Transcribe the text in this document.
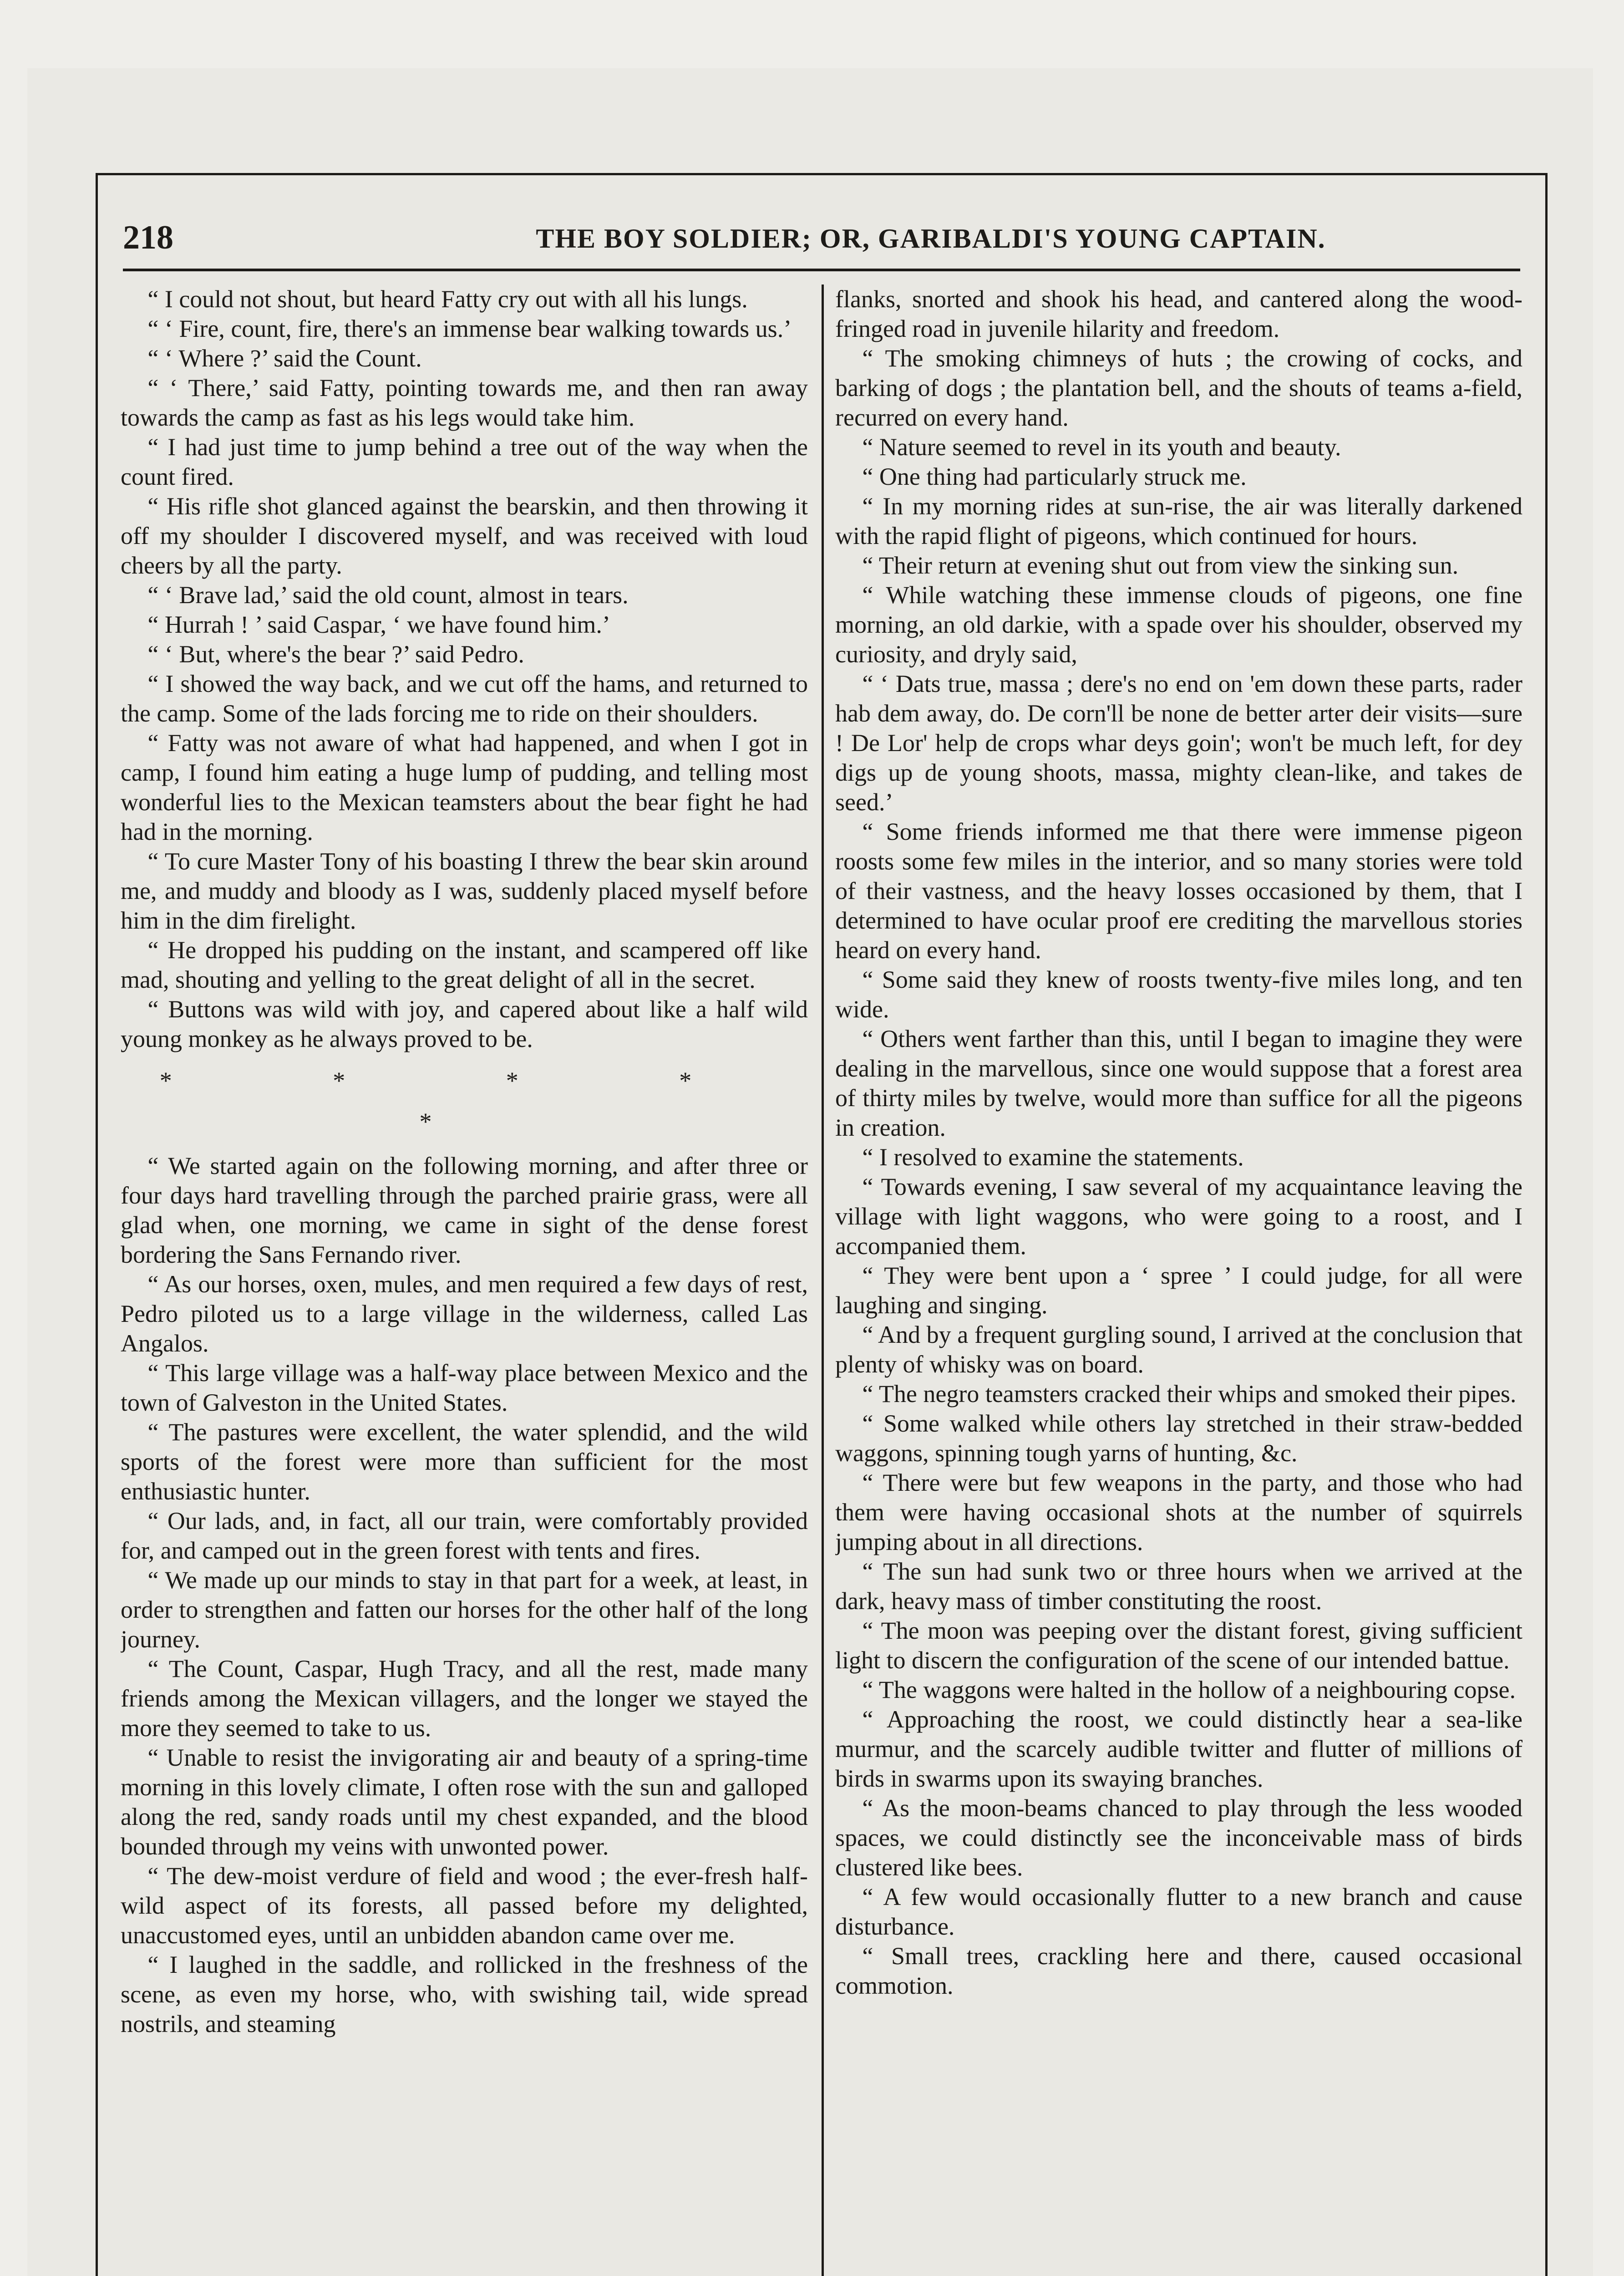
218	THE BOY SOLDIER; OR, GARIBALDI'S YOUNG CAPTAIN.

“ I could not shout, but heard Fatty cry out with all his lungs.

“ ‘ Fire, count, fire, there's an immense bear walking towards us.’

“ ‘ Where ?’ said the Count.

“ ‘ There,’ said Fatty, pointing towards me, and then ran away towards the camp as fast as his legs would take him.

“ I had just time to jump behind a tree out of the way when the count fired.

“ His rifle shot glanced against the bearskin, and then throwing it off my shoulder I discovered myself, and was received with loud cheers by all the party.

“ ‘ Brave lad,’ said the old count, almost in tears.

“ Hurrah ! ’ said Caspar, ‘ we have found him.’

“ ‘ But, where's the bear ?’ said Pedro.

“ I showed the way back, and we cut off the hams, and returned to the camp. Some of the lads forcing me to ride on their shoulders.

“ Fatty was not aware of what had happened, and when I got in camp, I found him eating a huge lump of pudding, and telling most wonderful lies to the Mexican teamsters about the bear fight he had had in the morning.

“ To cure Master Tony of his boasting I threw the bear skin around me, and muddy and bloody as I was, suddenly placed myself before him in the dim firelight.

“ He dropped his pudding on the instant, and scampered off like mad, shouting and yelling to the great delight of all in the secret.

“ Buttons was wild with joy, and capered about like a half wild young monkey as he always proved to be.

* * * * *

“ We started again on the following morning, and after three or four days hard travelling through the parched prairie grass, were all glad when, one morning, we came in sight of the dense forest bordering the Sans Fernando river.

“ As our horses, oxen, mules, and men required a few days of rest, Pedro piloted us to a large village in the wilderness, called Las Angalos.

“ This large village was a half-way place between Mexico and the town of Galveston in the United States.

“ The pastures were excellent, the water splendid, and the wild sports of the forest were more than sufficient for the most enthusiastic hunter.

“ Our lads, and, in fact, all our train, were comfortably provided for, and camped out in the green forest with tents and fires.

“ We made up our minds to stay in that part for a week, at least, in order to strengthen and fatten our horses for the other half of the long journey.

“ The Count, Caspar, Hugh Tracy, and all the rest, made many friends among the Mexican villagers, and the longer we stayed the more they seemed to take to us.

“ Unable to resist the invigorating air and beauty of a spring-time morning in this lovely climate, I often rose with the sun and galloped along the red, sandy roads until my chest expanded, and the blood bounded through my veins with unwonted power.

“ The dew-moist verdure of field and wood ; the ever-fresh half-wild aspect of its forests, all passed before my delighted, unaccustomed eyes, until an unbidden abandon came over me.

“ I laughed in the saddle, and rollicked in the freshness of the scene, as even my horse, who, with swishing tail, wide spread nostrils, and steaming

flanks, snorted and shook his head, and cantered along the wood-fringed road in juvenile hilarity and freedom.

“ The smoking chimneys of huts ; the crowing of cocks, and barking of dogs ; the plantation bell, and the shouts of teams a-field, recurred on every hand.

“ Nature seemed to revel in its youth and beauty.

“ One thing had particularly struck me.

“ In my morning rides at sun-rise, the air was literally darkened with the rapid flight of pigeons, which continued for hours.

“ Their return at evening shut out from view the sinking sun.

“ While watching these immense clouds of pigeons, one fine morning, an old darkie, with a spade over his shoulder, observed my curiosity, and dryly said,

“ ‘ Dats true, massa ; dere's no end on 'em down these parts, rader hab dem away, do. De corn'll be none de better arter deir visits—sure ! De Lor' help de crops whar deys goin'; won't be much left, for dey digs up de young shoots, massa, mighty clean-like, and takes de seed.’

“ Some friends informed me that there were immense pigeon roosts some few miles in the interior, and so many stories were told of their vastness, and the heavy losses occasioned by them, that I determined to have ocular proof ere crediting the marvellous stories heard on every hand.

“ Some said they knew of roosts twenty-five miles long, and ten wide.

“ Others went farther than this, until I began to imagine they were dealing in the marvellous, since one would suppose that a forest area of thirty miles by twelve, would more than suffice for all the pigeons in creation.

“ I resolved to examine the statements.

“ Towards evening, I saw several of my acquaintance leaving the village with light waggons, who were going to a roost, and I accompanied them.

“ They were bent upon a ‘ spree ’ I could judge, for all were laughing and singing.

“ And by a frequent gurgling sound, I arrived at the conclusion that plenty of whisky was on board.

“ The negro teamsters cracked their whips and smoked their pipes.

“ Some walked while others lay stretched in their straw-bedded waggons, spinning tough yarns of hunting, &c.

“ There were but few weapons in the party, and those who had them were having occasional shots at the number of squirrels jumping about in all directions.

“ The sun had sunk two or three hours when we arrived at the dark, heavy mass of timber constituting the roost.

“ The moon was peeping over the distant forest, giving sufficient light to discern the configuration of the scene of our intended battue.

“ The waggons were halted in the hollow of a neighbouring copse.

“ Approaching the roost, we could distinctly hear a sea-like murmur, and the scarcely audible twitter and flutter of millions of birds in swarms upon its swaying branches.

“ As the moon-beams chanced to play through the less wooded spaces, we could distinctly see the inconceivable mass of birds clustered like bees.

“ A few would occasionally flutter to a new branch and cause disturbance.

“ Small trees, crackling here and there, caused occasional commotion.
